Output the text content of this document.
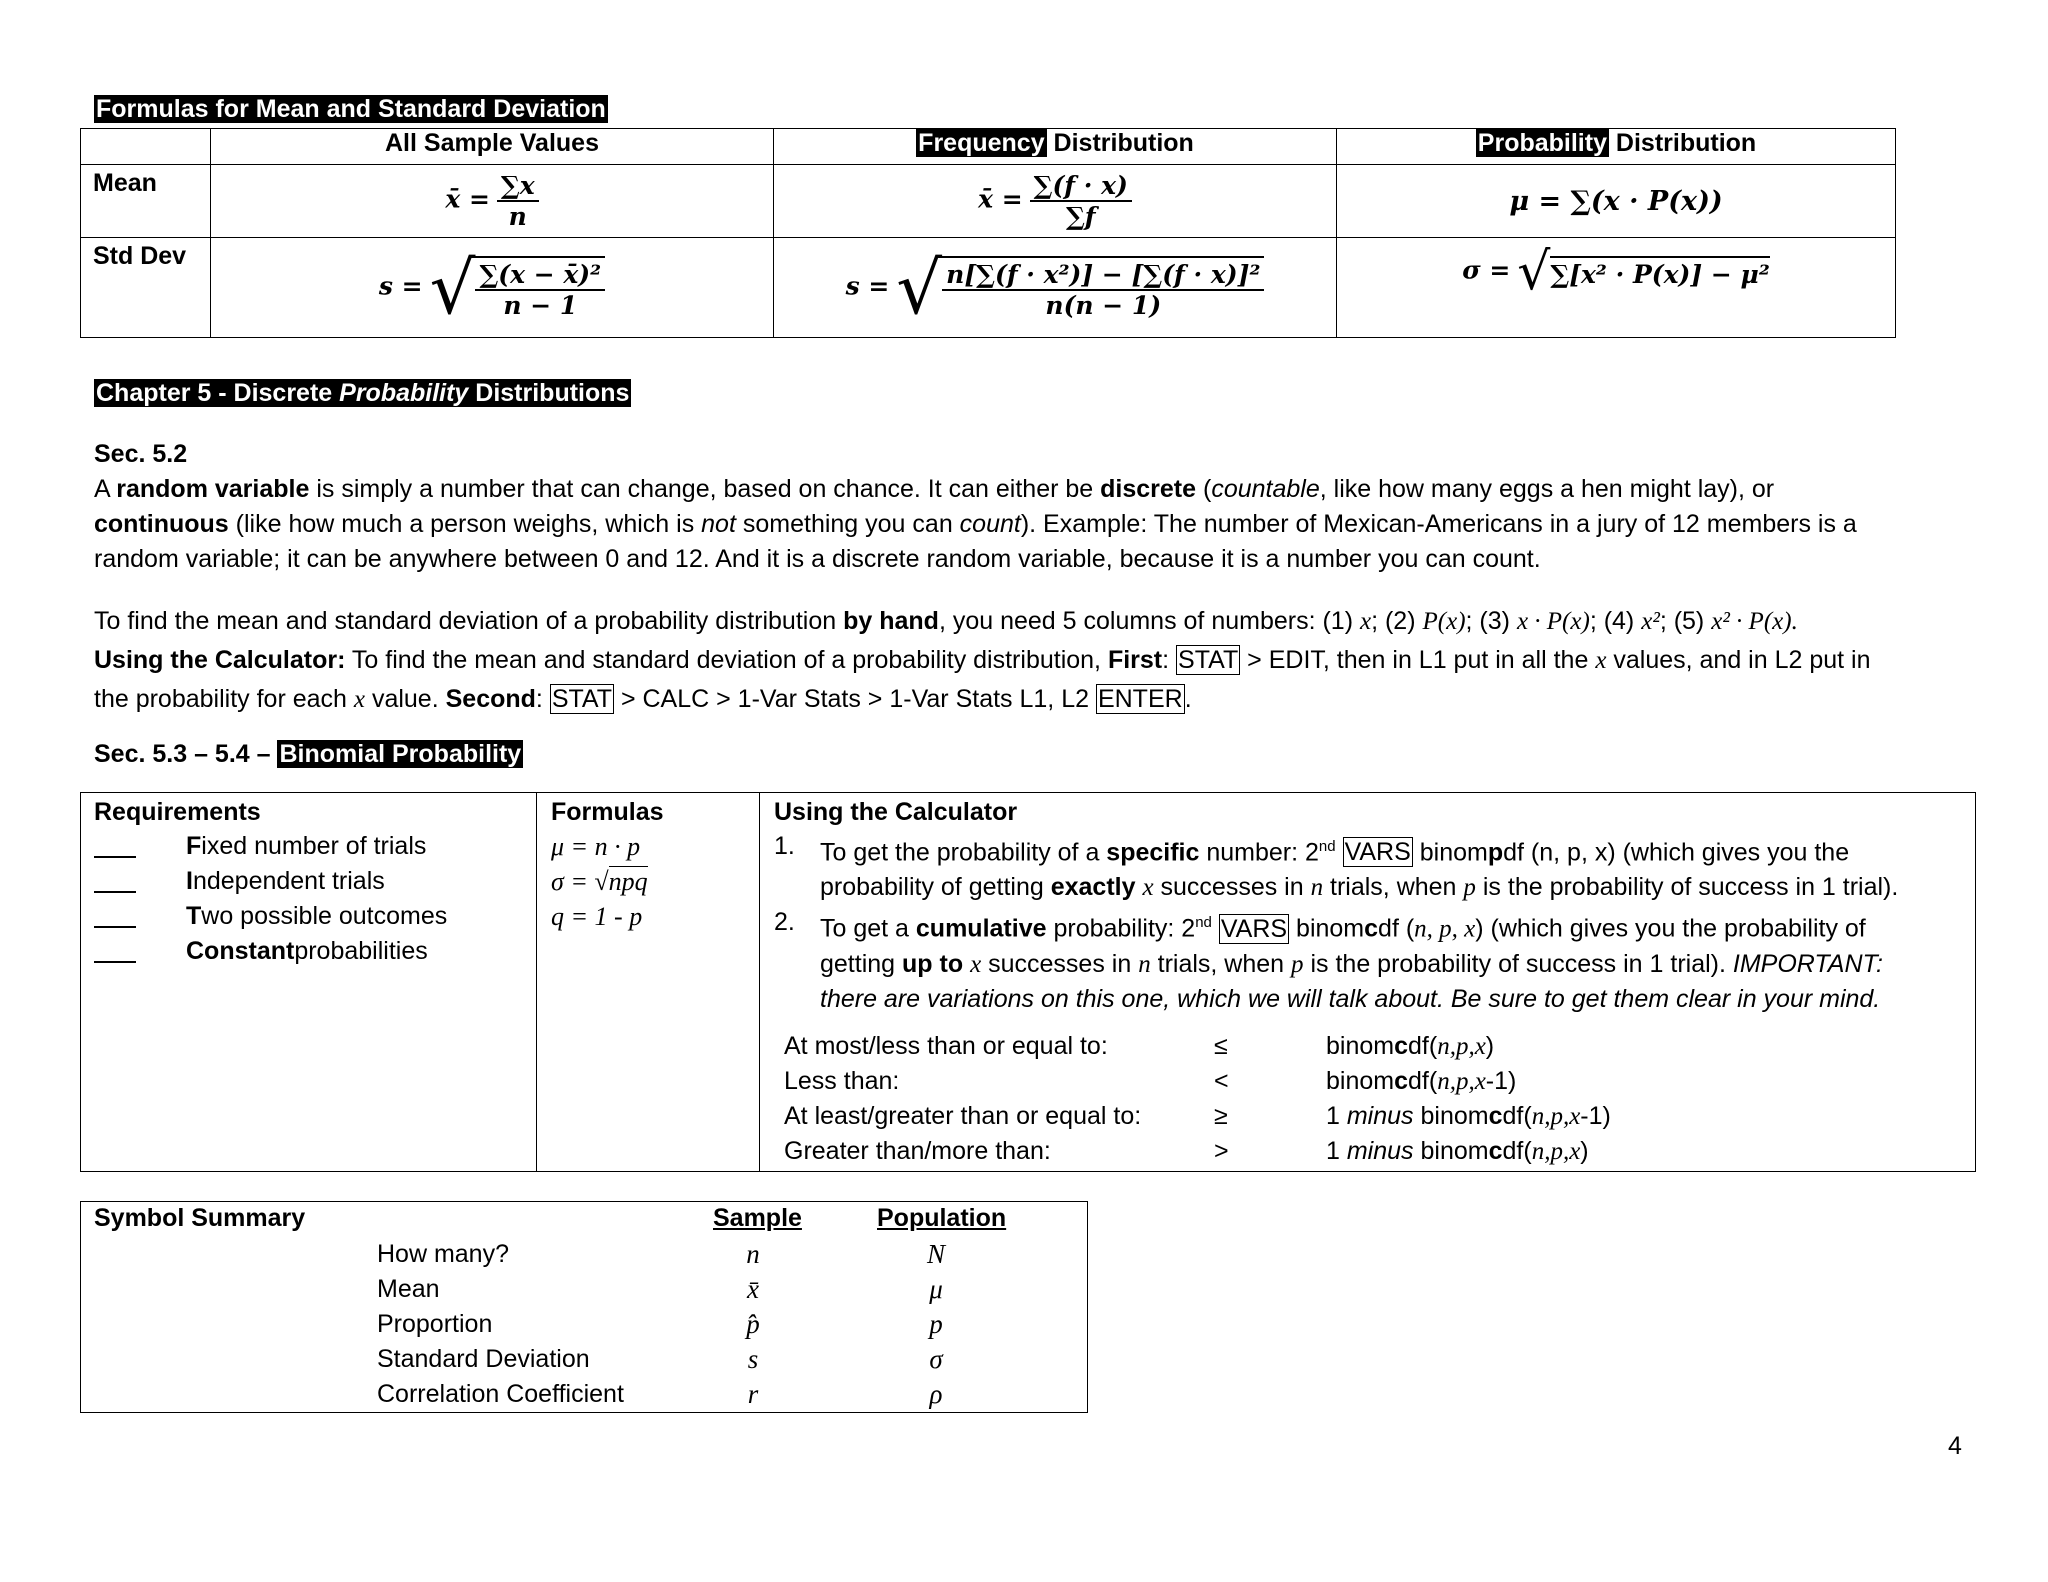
Formulas for Mean and Standard Deviation
	All Sample Values	Frequency Distribution	Probability Distribution
Mean	x̄ = $\frac{\sum x}{n}$	x̄ = $\frac{\sum(f \cdot x)}{\sum f}$	μ = ∑(x · P(x))
Std Dev	s = √ $\frac{\text{∑(x − x̄)²}}{n - 1}$	s = √ $\frac{\text{n[∑(f · x²)] − [∑(f · x)]²}}{n(n - 1)}$	σ = √ ∑[x² · P(x)] − μ²
Chapter 5 - Discrete Probability Distributions
Sec. 5.2
A random variable is simply a number that can change, based on chance. It can either be discrete (countable, like how many eggs a hen might lay), or
continuous (like how much a person weighs, which is not something you can count). Example: The number of Mexican-Americans in a jury of 12 members is a
random variable; it can be anywhere between 0 and 12. And it is a discrete random variable, because it is a number you can count.
To find the mean and standard deviation of a probability distribution by hand, you need 5 columns of numbers: (1) x; (2) P(x); (3) x · P(x); (4) x²; (5) x² · P(x).
Using the Calculator: To find the mean and standard deviation of a probability distribution, First: STAT > EDIT, then in L1 put in all the x values, and in L2 put in
the probability for each x value. Second: STAT > CALC > 1-Var Stats > 1-Var Stats L1, L2 ENTER.
Sec. 5.3 – 5.4 – Binomial Probability
Requirements
F ixed number of trials
I ndependent trials
T wo possible outcomes
Constant probabilities
Formulas
μ = n · p
σ = √npq
q = 1 - p
Using the Calculator
1.	To get the probability of a specific number: 2nd VARS binompdf (n, p, x) (which gives you the
probability of getting exactly x successes in n trials, when p is the probability of success in 1 trial).
2.	To get a cumulative probability: 2nd VARS binomcdf (n, p, x) (which gives you the probability of
getting up to x successes in n trials, when p is the probability of success in 1 trial). IMPORTANT:
there are variations on this one, which we will talk about. Be sure to get them clear in your mind.
At most/less than or equal to:	≤	binomcdf(n,p,x)
Less than:	<	binomcdf(n,p,x-1)
At least/greater than or equal to:	≥	1 minus binomcdf(n,p,x-1)
Greater than/more than:	>	1 minus binomcdf(n,p,x)
Symbol Summary	Sample	Population
How many?	n	N
Mean	x̄	μ
Proportion	p̂	p
Standard Deviation	s	σ
Correlation Coefficient	r	ρ
4
